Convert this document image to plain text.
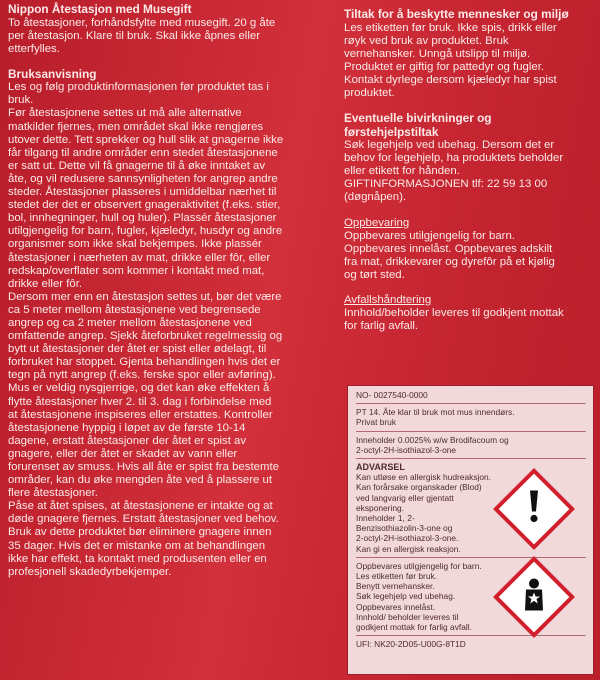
Nippon Åtestasjon med Musegift

To åtestasjoner, forhåndsfylte med musegift. 20 g åte

per åtestasjon. Klare til bruk. Skal ikke åpnes eller

etterfylles.

Bruksanvisning

Les og følg produktinformasjonen før produktet tas i

bruk.

Før åtestasjonene settes ut må alle alternative

matkilder fjernes, men området skal ikke rengjøres

utover dette. Tett sprekker og hull slik at gnagerne ikke

får tilgang til andre områder enn stedet åtestasjonene

er satt ut. Dette vil få gnagerne til å øke inntaket av

åte, og vil redusere sannsynligheten for angrep andre

steder. Åtestasjoner plasseres i umiddelbar nærhet til

stedet der det er observert gnageraktivitet (f.eks. stier,

bol, innhegninger, hull og huler). Plassér åtestasjoner

utilgjengelig for barn, fugler, kjæledyr, husdyr og andre

organismer som ikke skal bekjempes. Ikke plassér

åtestasjoner i nærheten av mat, drikke eller fôr, eller

redskap/overflater som kommer i kontakt med mat,

drikke eller fôr.

Dersom mer enn en åtestasjon settes ut, bør det være

ca 5 meter mellom åtestasjonene ved begrensede

angrep og ca 2 meter mellom åtestasjonene ved

omfattende angrep. Sjekk åteforbruket regelmessig og

bytt ut åtestasjoner der åtet er spist eller ødelagt, til

forbruket har stoppet. Gjenta behandlingen hvis det er

tegn på nytt angrep (f.eks. ferske spor eller avføring).

Mus er veldig nysgjerrige, og det kan øke effekten å

flytte åtestasjoner hver 2. til 3. dag i forbindelse med

at åtestasjonene inspiseres eller erstattes. Kontroller

åtestasjonene hyppig i løpet av de første 10-14

dagene, erstatt åtestasjoner der åtet er spist av

gnagere, eller der åtet er skadet av vann eller

forurenset av smuss. Hvis all åte er spist fra bestemte

områder, kan du øke mengden åte ved å plassere ut

flere åtestasjoner.

Påse at åtet spises, at åtestasjonene er intakte og at

døde gnagere fjernes. Erstatt åtestasjoner ved behov.

Bruk av dette produktet bør eliminere gnagere innen

35 dager. Hvis det er mistanke om at behandlingen

ikke har effekt, ta kontakt med produsenten eller en

profesjonell skadedyrbekjemper.

Tiltak for å beskytte mennesker og miljø

Les etiketten før bruk. Ikke spis, drikk eller

røyk ved bruk av produktet. Bruk

vernehansker. Unngå utslipp til miljø.

Produktet er giftig for pattedyr og fugler.

Kontakt dyrlege dersom kjæledyr har spist

produktet.

Eventuelle bivirkninger og
førstehjelpstiltak

Søk legehjelp ved ubehag. Dersom det er

behov for legehjelp, ha produktets beholder

eller etikett for hånden.

GIFTINFORMASJONEN tlf: 22 59 13 00

(døgnåpen).

Oppbevaring

Oppbevares utilgjengelig for barn.

Oppbevares innelåst. Oppbevares adskilt

fra mat, drikkevarer og dyrefôr på et kjølig

og tørt sted.

Avfallshåndtering

Innhold/beholder leveres til godkjent mottak

for farlig avfall.

NO- 0027540-0000

PT 14. Åte klar til bruk mot mus innendørs.

Privat bruk

Inneholder 0.0025% w/w Brodifacoum og

2-octyl-2H-isothiazol-3-one

ADVARSEL

Kan utløse en allergisk hudreaksjon.

Kan forårsake organskader (Blod)

ved langvarig eller gjentatt

eksponering.

Inneholder 1, 2-

Benzisothiazolin-3-one og

2-octyl-2H-isothiazol-3-one.

Kan gi en allergisk reaksjon.

Oppbevares utilgjengelig for barn.

Les etiketten før bruk.

Benytt vernehansker.

Søk legehjelp ved ubehag.

Oppbevares innelåst.

Innhold/ beholder leveres til

godkjent mottak for farlig avfall.

UFI: NK20-2D05-U00G-8T1D
